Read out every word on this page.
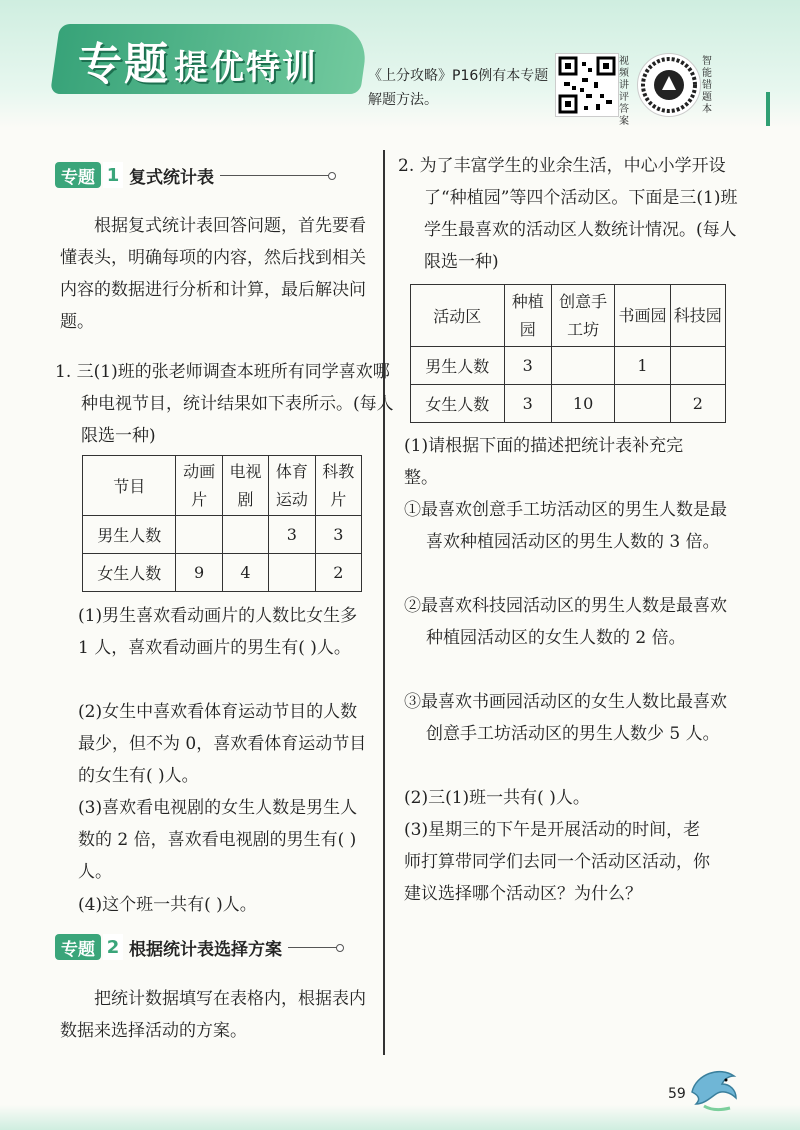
专题 提优特训	《上分攻略》P16例有本专题解题方法。
视频讲评答案
智能错题本
专题 1 复式统计表
根据复式统计表回答问题，首先要看懂表头，明确每项的内容，然后找到相关内容的数据进行分析和计算，最后解决问题。
1. 三(1)班的张老师调查本班所有同学喜欢哪种电视节目，统计结果如下表所示。(每人限选一种)
节目	动画片	电视剧	体育运动	科教片
男生人数			3	3
女生人数	9	4		2
(1)男生喜欢看动画片的人数比女生多 1 人，喜欢看动画片的男生有( )人。
(2)女生中喜欢看体育运动节目的人数最少，但不为 0，喜欢看体育运动节目的女生有( )人。
(3)喜欢看电视剧的女生人数是男生人数的 2 倍，喜欢看电视剧的男生有( )人。
(4)这个班一共有( )人。
专题 2 根据统计表选择方案
把统计数据填写在表格内，根据表内数据来选择活动的方案。
2. 为了丰富学生的业余生活，中心小学开设了“种植园”等四个活动区。下面是三(1)班学生最喜欢的活动区人数统计情况。(每人限选一种)
活动区	种植园	创意手工坊	书画园	科技园
男生人数	3		1	
女生人数	3	10		2
(1)请根据下面的描述把统计表补充完整。
①最喜欢创意手工坊活动区的男生人数是最喜欢种植园活动区的男生人数的 3 倍。
②最喜欢科技园活动区的男生人数是最喜欢种植园活动区的女生人数的 2 倍。
③最喜欢书画园活动区的女生人数比最喜欢创意手工坊活动区的男生人数少 5 人。
(2)三(1)班一共有( )人。
(3)星期三的下午是开展活动的时间，老师打算带同学们去同一个活动区活动，你建议选择哪个活动区？为什么？
59
